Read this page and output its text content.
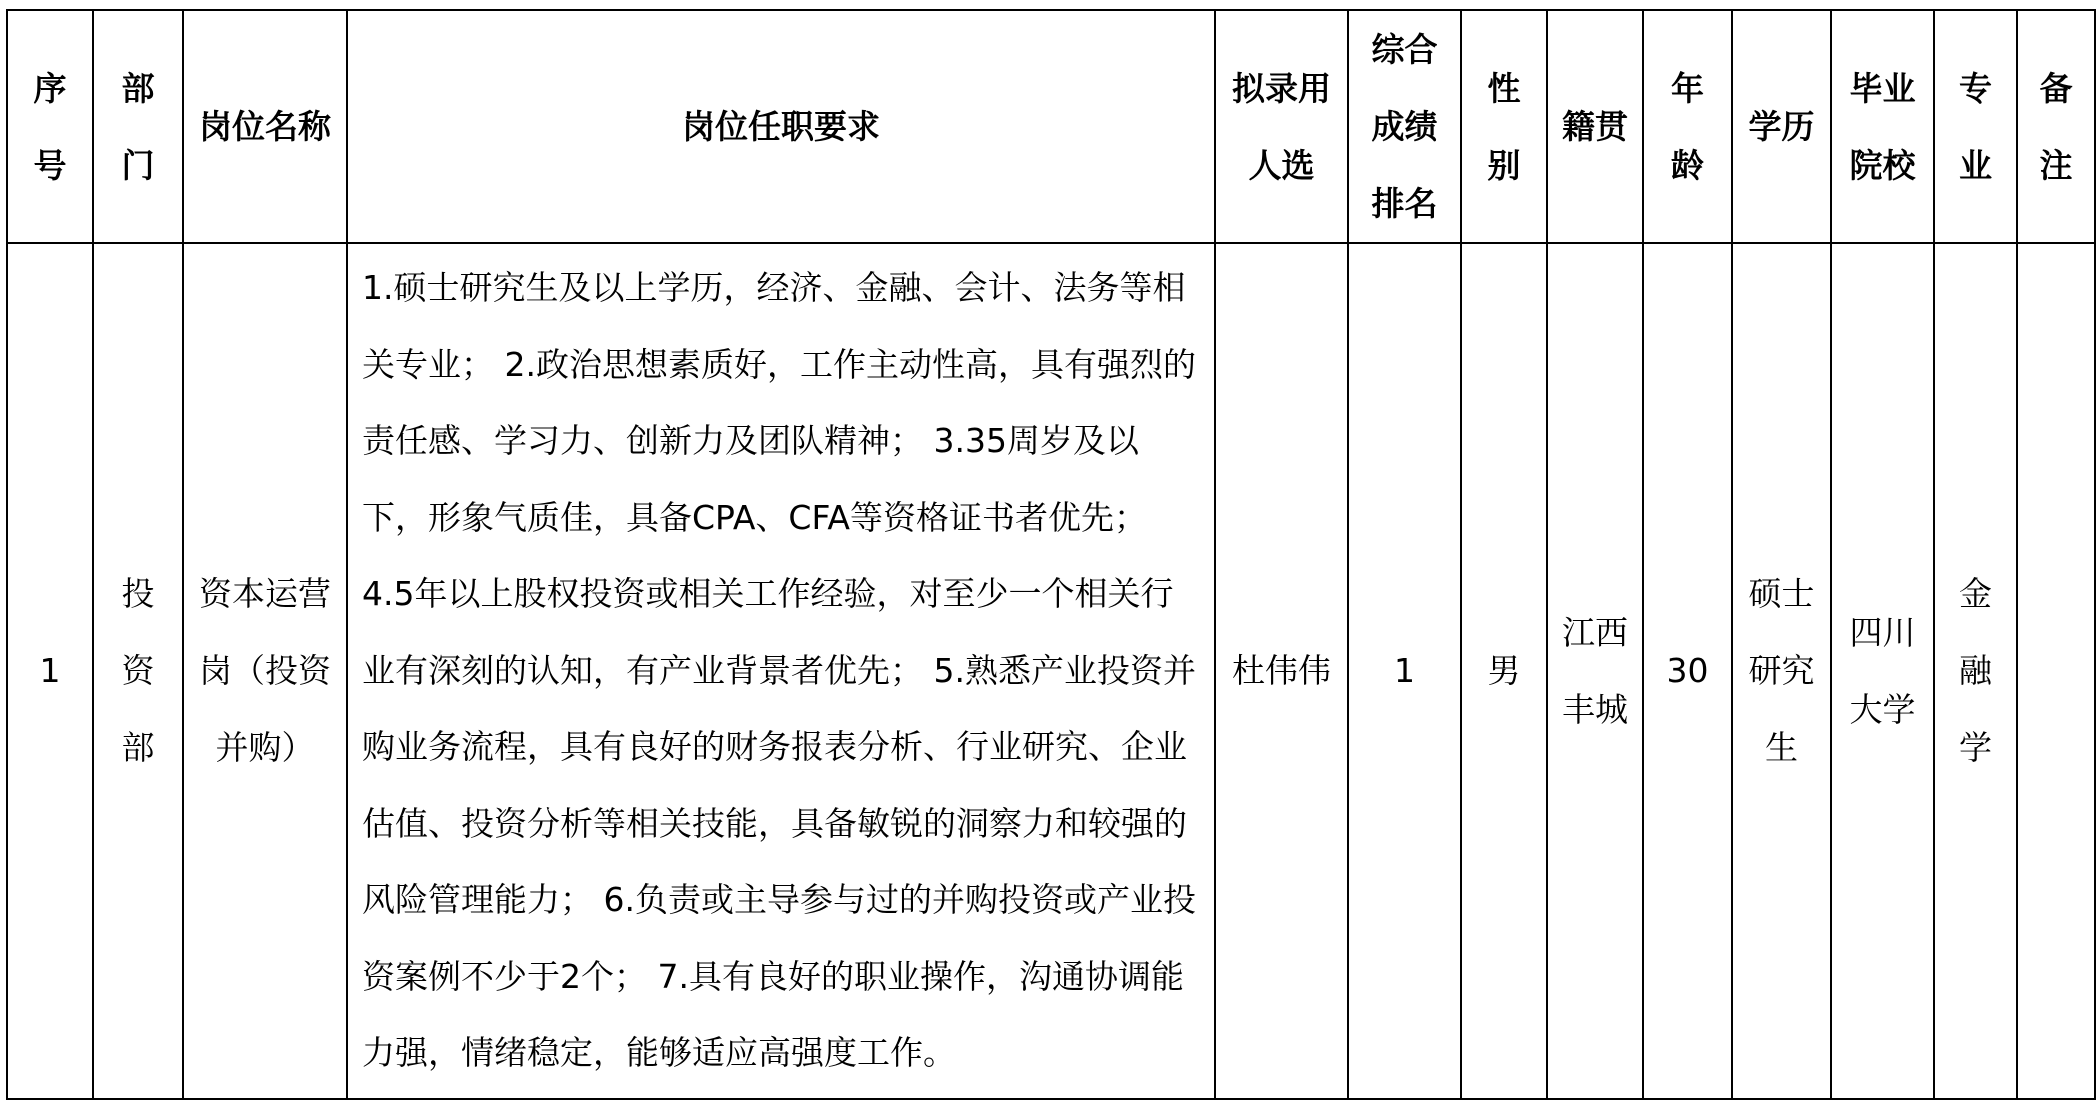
序号	部门	岗位名称	岗位任职要求	拟录用人选	综合成绩排名	性别	籍贯	年龄	学历	毕业院校	专业	备注
1	投资部	资本运营岗（投资并购）	1.硕士研究生及以上学历，经济、金融、会计、法务等相关专业； 2.政治思想素质好，工作主动性高，具有强烈的责任感、学习力、创新力及团队精神； 3.35周岁及以下，形象气质佳，具备CPA、CFA等资格证书者优先； 4.5年以上股权投资或相关工作经验，对至少一个相关行业有深刻的认知，有产业背景者优先； 5.熟悉产业投资并购业务流程，具有良好的财务报表分析、行业研究、企业估值、投资分析等相关技能，具备敏锐的洞察力和较强的风险管理能力； 6.负责或主导参与过的并购投资或产业投资案例不少于2个； 7.具有良好的职业操作，沟通协调能力强，情绪稳定，能够适应高强度工作。	杜伟伟	1	男	江西丰城	30	硕士研究生	四川大学	金融学	
